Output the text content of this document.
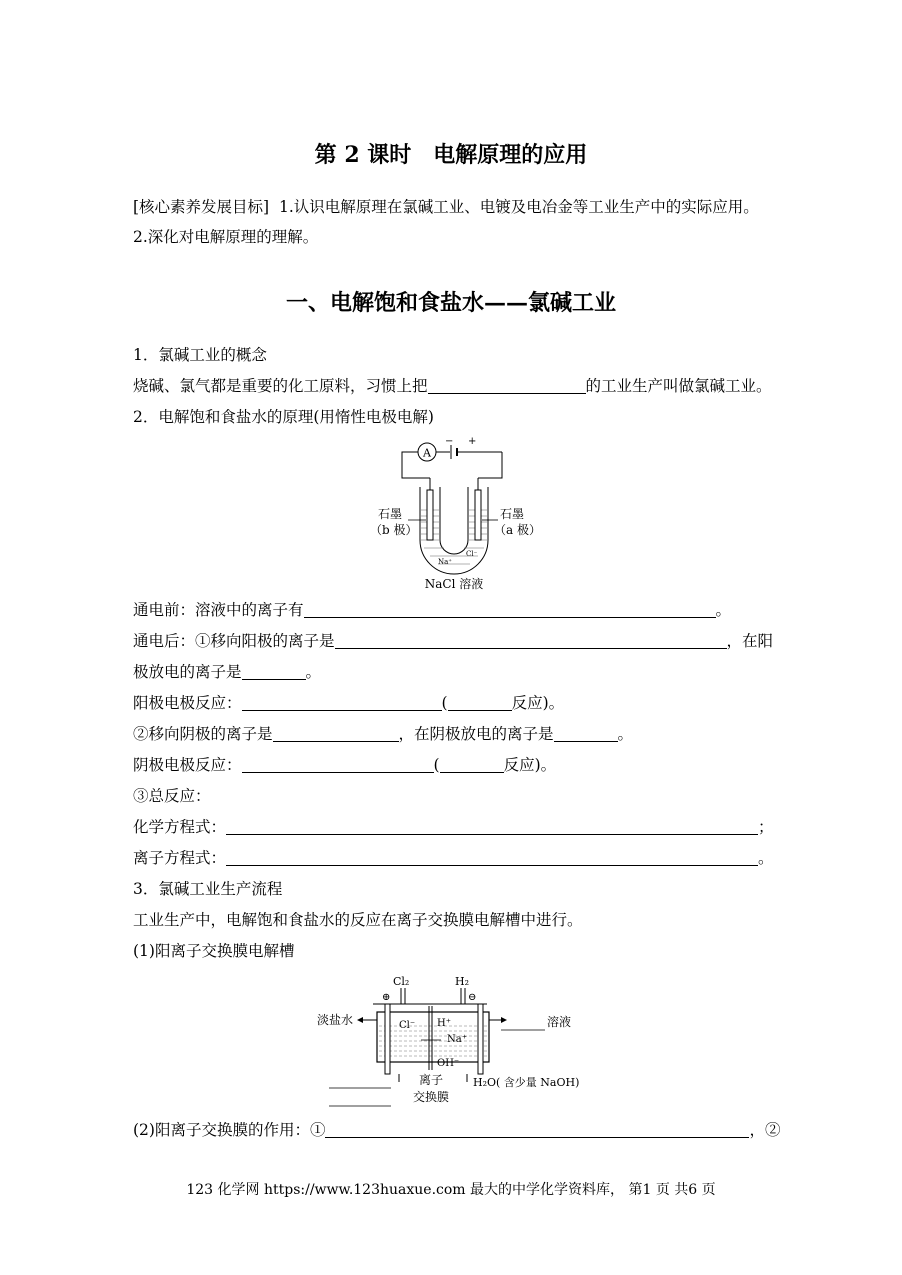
第 2 课时　电解原理的应用
[核心素养发展目标] 1.认识电解原理在氯碱工业、电镀及电冶金等工业生产中的实际应用。
2.深化对电解原理的理解。
一、电解饱和食盐水——氯碱工业
1．氯碱工业的概念
烧碱、氯气都是重要的化工原料，习惯上把	的工业生产叫做氯碱工业。
2．电解饱和食盐水的原理(用惰性电极电解)
A
− +
石墨
（b 极）
石墨
（a 极）
Na⁺
Cl⁻
NaCl 溶液
通电前：溶液中的离子有	。
通电后：①移向阳极的离子是	，在阳
极放电的离子是	。
阳极电极反应：	(	反应)。
②移向阴极的离子是	，在阴极放电的离子是	。
阴极电极反应：	(	反应)。
③总反应：
化学方程式：	；
离子方程式：	。
3．氯碱工业生产流程
工业生产中，电解饱和食盐水的反应在离子交换膜电解槽中进行。
(1)阳离子交换膜电解槽
Cl₂	H₂
⊕	⊖
淡盐水	溶液
Cl⁻ H⁺
Na⁺
OH⁻
离子
交换膜
H₂O( 含少量 NaOH)
(2)阳离子交换膜的作用：①	，②
123 化学网 https://www.123huaxue.com 最大的中学化学资料库， 第1 页 共6 页
